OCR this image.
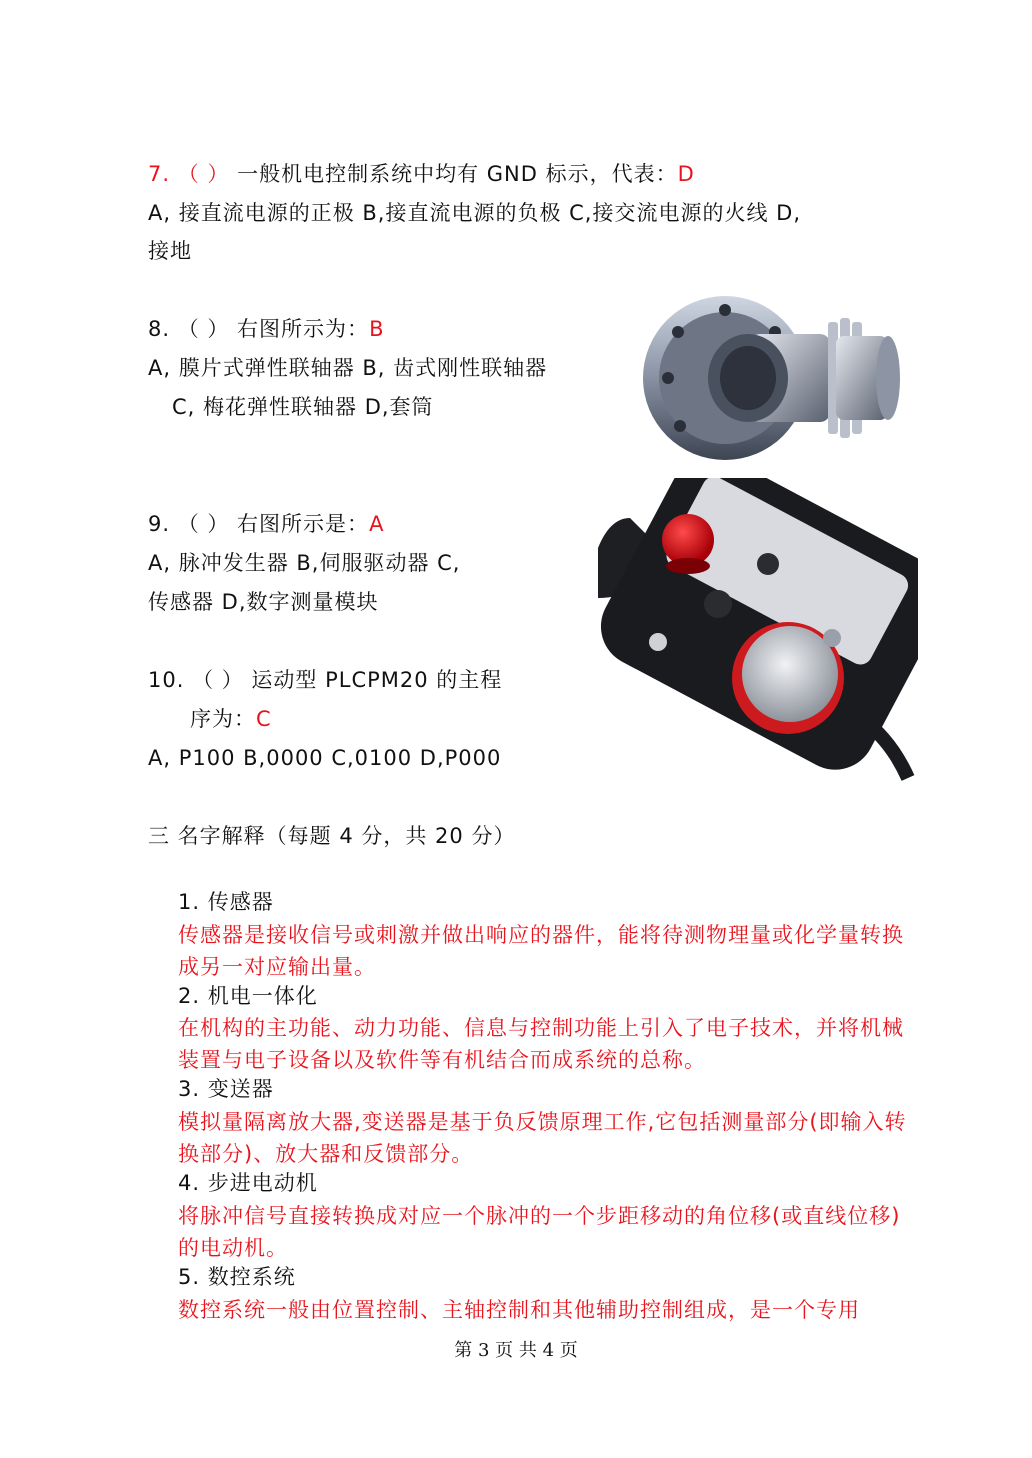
7. （ ） 一般机电控制系统中均有 GND 标示，代表：D
A, 接直流电源的正极 B,接直流电源的负极 C,接交流电源的火线 D,
接地
8. （ ） 右图所示为：B
A, 膜片式弹性联轴器 B, 齿式刚性联轴器
C, 梅花弹性联轴器 D,套筒
9. （ ） 右图所示是：A
A, 脉冲发生器 B,伺服驱动器 C,
传感器 D,数字测量模块
10. （ ） 运动型 PLCPM20 的主程
序为：C
A, P100 B,0000 C,0100 D,P000
三 名字解释（每题 4 分，共 20 分）
1. 传感器
传感器是接收信号或刺激并做出响应的器件，能将待测物理量或化学量转换成另一对应输出量。
2. 机电一体化
在机构的主功能、动力功能、信息与控制功能上引入了电子技术，并将机械装置与电子设备以及软件等有机结合而成系统的总称。
3. 变送器
模拟量隔离放大器,变送器是基于负反馈原理工作,它包括测量部分(即输入转换部分)、放大器和反馈部分。
4. 步进电动机
将脉冲信号直接转换成对应一个脉冲的一个步距移动的角位移(或直线位移) 的电动机。
5. 数控系统
数控系统一般由位置控制、主轴控制和其他辅助控制组成，是一个专用
第 3 页 共 4 页
